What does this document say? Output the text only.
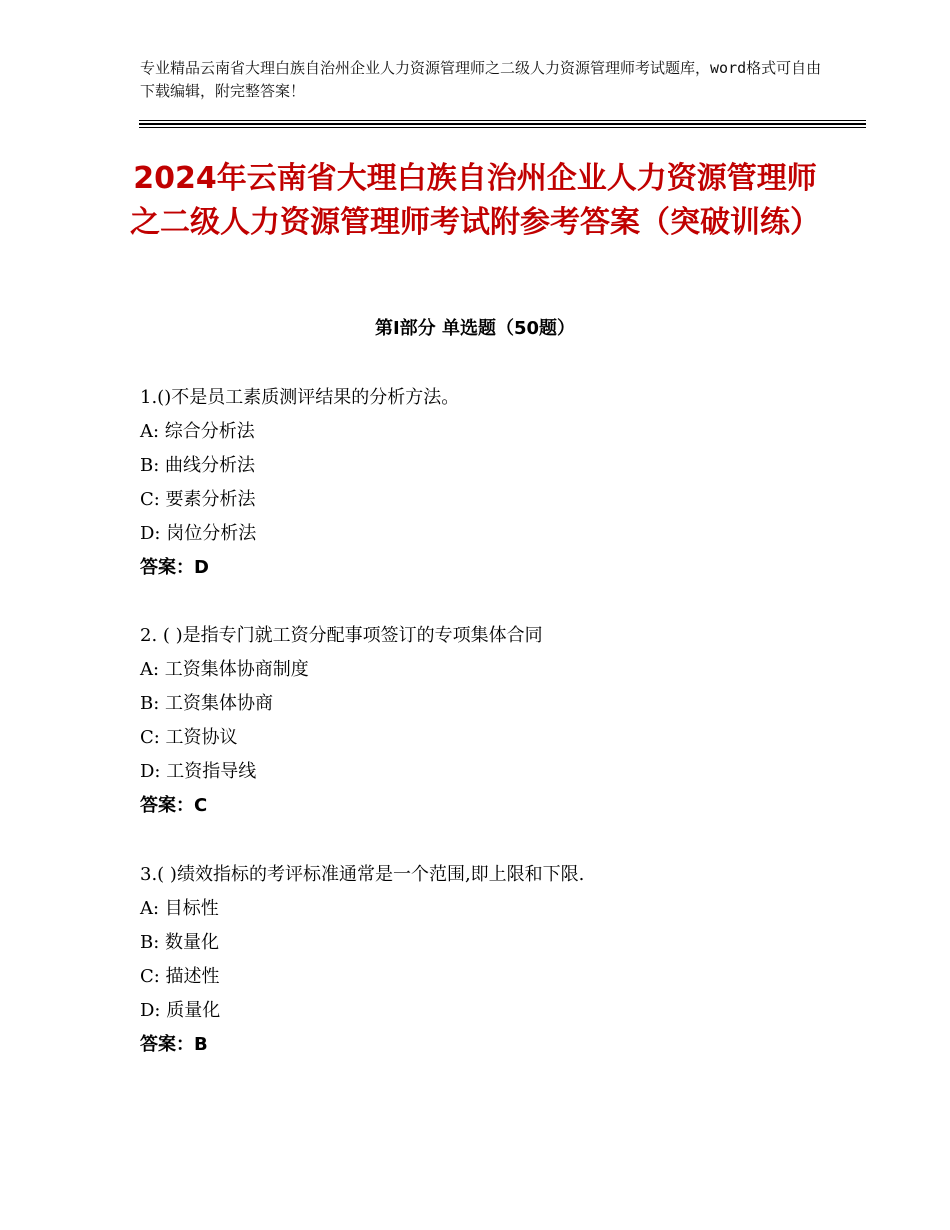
专业精品云南省大理白族自治州企业人力资源管理师之二级人力资源管理师考试题库，word格式可自由下载编辑，附完整答案！
2024年云南省大理白族自治州企业人力资源管理师之二级人力资源管理师考试附参考答案（突破训练）
第Ⅰ部分 单选题（50题）
1.()不是员工素质测评结果的分析方法。
A: 综合分析法
B: 曲线分析法
C: 要素分析法
D: 岗位分析法
答案：D
2. ( )是指专门就工资分配事项签订的专项集体合同
A: 工资集体协商制度
B: 工资集体协商
C: 工资协议
D: 工资指导线
答案：C
3.( )绩效指标的考评标准通常是一个范围,即上限和下限.
A: 目标性
B: 数量化
C: 描述性
D: 质量化
答案：B
